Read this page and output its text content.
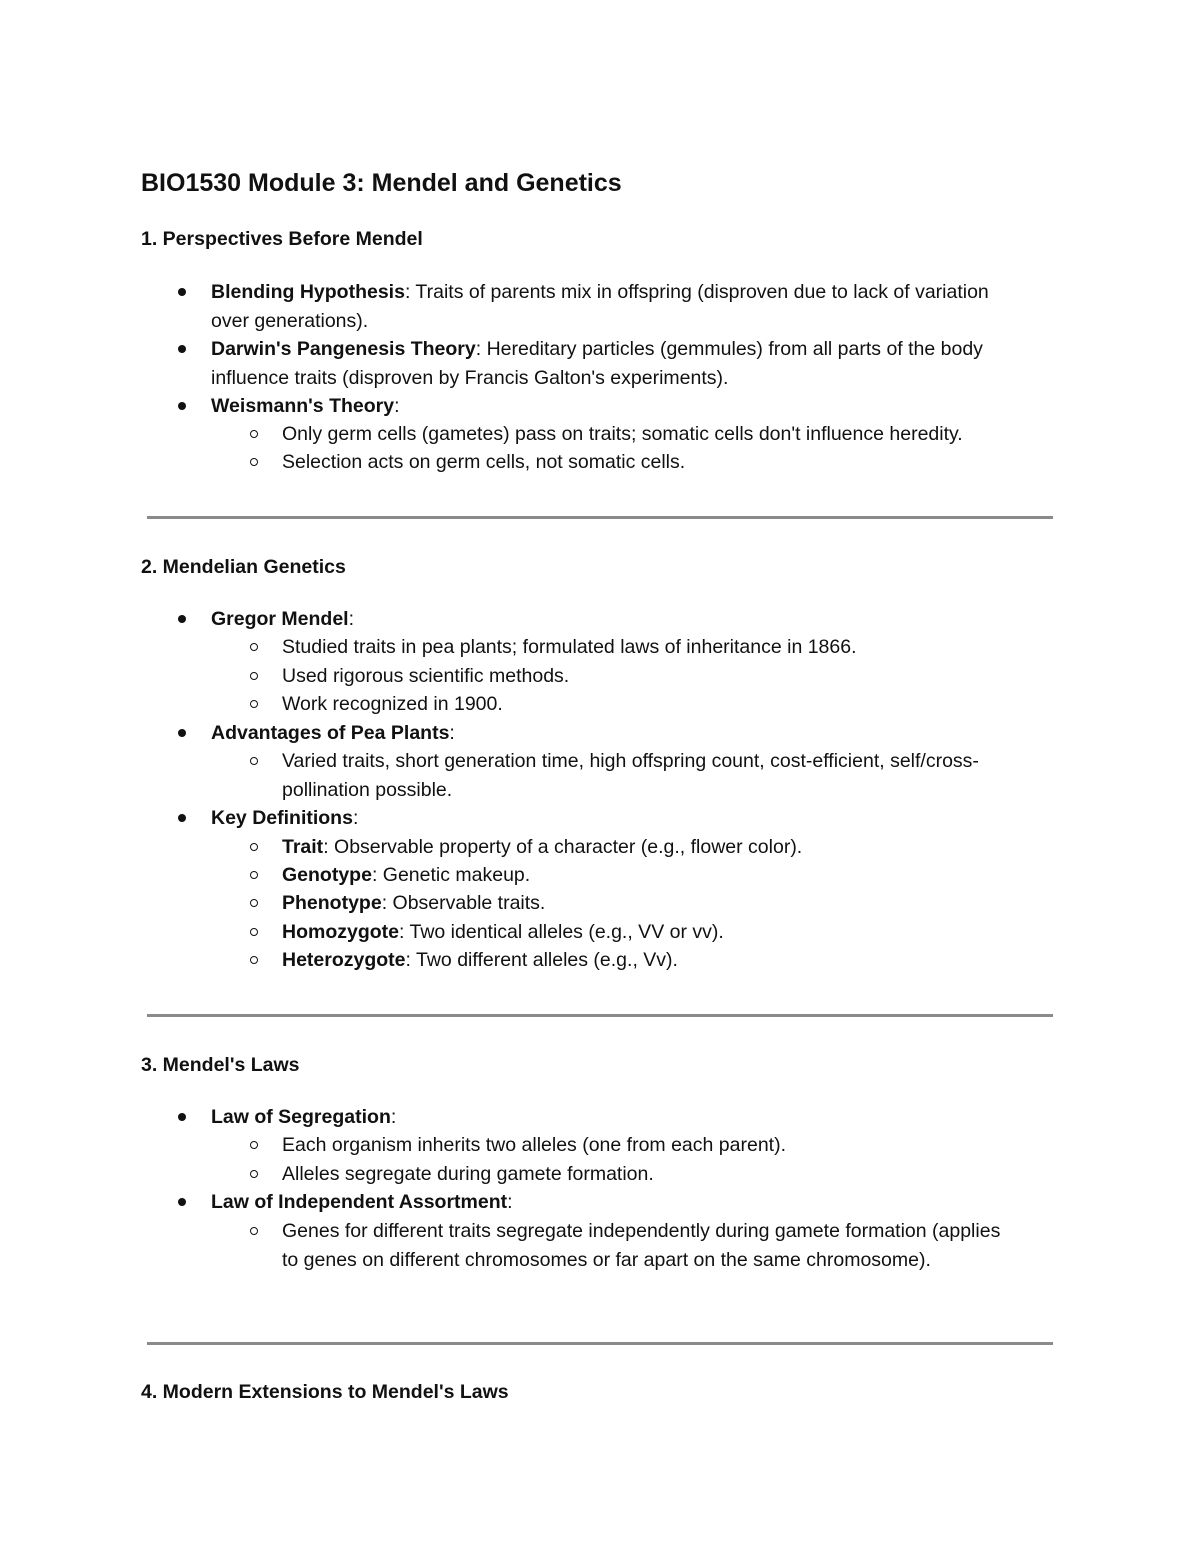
BIO1530 Module 3: Mendel and Genetics
1. Perspectives Before Mendel

Blending Hypothesis: Traits of parents mix in offspring (disproven due to lack of variation over generations).

Darwin's Pangenesis Theory: Hereditary particles (gemmules) from all parts of the body influence traits (disproven by Francis Galton's experiments).

Weismann's Theory:

Only germ cells (gametes) pass on traits; somatic cells don't influence heredity.

Selection acts on germ cells, not somatic cells.

2. Mendelian Genetics

Gregor Mendel:

Studied traits in pea plants; formulated laws of inheritance in 1866.

Used rigorous scientific methods.

Work recognized in 1900.

Advantages of Pea Plants:

Varied traits, short generation time, high offspring count, cost-efficient, self/cross-pollination possible.

Key Definitions:

Trait: Observable property of a character (e.g., flower color).

Genotype: Genetic makeup.

Phenotype: Observable traits.

Homozygote: Two identical alleles (e.g., VV or vv).

Heterozygote: Two different alleles (e.g., Vv).

3. Mendel's Laws

Law of Segregation:

Each organism inherits two alleles (one from each parent).

Alleles segregate during gamete formation.

Law of Independent Assortment:

Genes for different traits segregate independently during gamete formation (applies to genes on different chromosomes or far apart on the same chromosome).

4. Modern Extensions to Mendel's Laws
